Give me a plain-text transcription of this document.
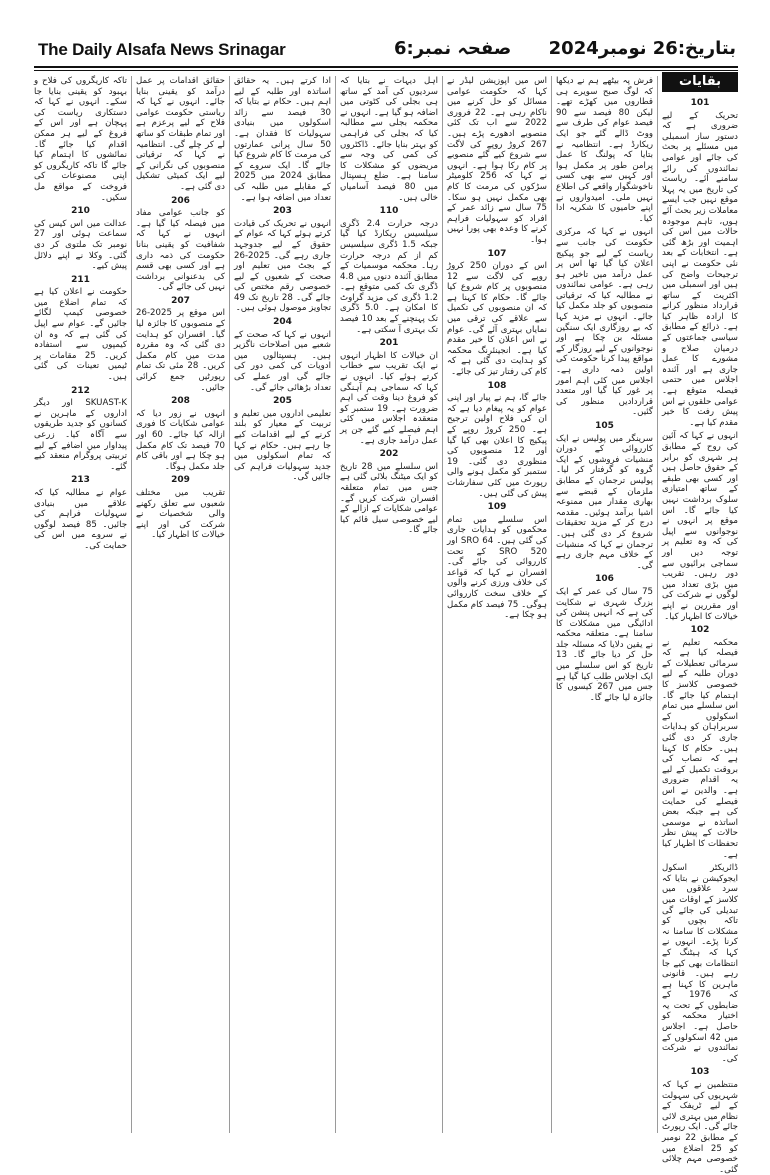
The Daily Alsafa News Srinagar	صفحہ نمبر:6 بتاریخ:26 نومبر2024
101

تحریک کے لیے ضروری ہے کہ دستور ساز اسمبلی میں مسئلے پر بحث کی جائے اور عوامی نمائندوں کی رائے سامنے آئے۔ ریاست کی تاریخ میں یہ پہلا موقع نہیں جب ایسے معاملات زیر بحث آئے ہوں، تاہم موجودہ حالات میں اس کی اہمیت اور بڑھ گئی ہے۔ انتخابات کے بعد نئی حکومت نے اپنی ترجیحات واضح کی ہیں اور اسمبلی میں اکثریت کے ساتھ قرارداد منظور کرانے کا ارادہ ظاہر کیا ہے۔ ذرائع کے مطابق سیاسی جماعتوں کے درمیان صلاح و مشورے کا عمل جاری ہے اور آئندہ اجلاس میں حتمی فیصلہ متوقع ہے۔ عوامی حلقوں نے اس پیش رفت کا خیر مقدم کیا ہے۔

انہوں نے کہا کہ آئین کی روح کے مطابق ہر شہری کو برابر کے حقوق حاصل ہیں اور کسی بھی طبقے کے ساتھ امتیازی سلوک برداشت نہیں کیا جائے گا۔ اس موقع پر انہوں نے نوجوانوں سے اپیل کی کہ وہ تعلیم پر توجہ دیں اور سماجی برائیوں سے دور رہیں۔ تقریب میں بڑی تعداد میں لوگوں نے شرکت کی اور مقررین نے اپنے خیالات کا اظہار کیا۔

102

محکمہ تعلیم نے فیصلہ کیا ہے کہ سرمائی تعطیلات کے دوران طلبہ کے لیے خصوصی کلاسز کا اہتمام کیا جائے گا۔ اس سلسلے میں تمام اسکولوں کے سربراہان کو ہدایات جاری کر دی گئی ہیں۔ حکام کا کہنا ہے کہ نصاب کی بروقت تکمیل کے لیے یہ اقدام ضروری ہے۔ والدین نے اس فیصلے کی حمایت کی ہے جبکہ بعض اساتذہ نے موسمی حالات کے پیش نظر تحفظات کا اظہار کیا ہے۔

ڈائریکٹر اسکول ایجوکیشن نے بتایا کہ سرد علاقوں میں کلاسز کے اوقات میں تبدیلی کی جائے گی تاکہ بچوں کو مشکلات کا سامنا نہ کرنا پڑے۔ انہوں نے کہا کہ ہیٹنگ کے انتظامات بھی کیے جا رہے ہیں۔ قانونی ماہرین کا کہنا ہے کہ 1976 کے ضابطوں کے تحت یہ اختیار محکمہ کو حاصل ہے۔ اجلاس میں 42 اسکولوں کے نمائندوں نے شرکت کی۔

103

منتظمین نے کہا کہ شہریوں کی سہولت کے لیے ٹریفک کے نظام میں بہتری لائی جائے گی۔ ایک رپورٹ کے مطابق 22 نومبر کو 25 اضلاع میں خصوصی مہم چلائی گئی۔

فرش پہ بیٹھے ہم نے دیکھا کہ لوگ صبح سویرے ہی قطاروں میں کھڑے تھے۔ لیکن 80 فیصد سے 90 فیصد عوام کی طرف سے ووٹ ڈالے گئے جو ایک ریکارڈ ہے۔ انتظامیہ نے بتایا کہ پولنگ کا عمل پرامن طور پر مکمل ہوا اور کہیں سے بھی کسی ناخوشگوار واقعے کی اطلاع نہیں ملی۔ امیدواروں نے اپنے حامیوں کا شکریہ ادا کیا۔

انہوں نے کہا کہ مرکزی حکومت کی جانب سے ریاست کے لیے جو پیکیج اعلان کیا گیا تھا اس پر عمل درآمد میں تاخیر ہو رہی ہے۔ عوامی نمائندوں نے مطالبہ کیا کہ ترقیاتی منصوبوں کو جلد مکمل کیا جائے۔ انہوں نے مزید کہا کہ بے روزگاری ایک سنگین مسئلہ بن چکا ہے اور نوجوانوں کے لیے روزگار کے مواقع پیدا کرنا حکومت کی اولین ذمہ داری ہے۔ اجلاس میں کئی اہم امور پر غور کیا گیا اور متعدد قراردادیں منظور کی گئیں۔

105

سرینگر میں پولیس نے ایک کارروائی کے دوران منشیات فروشوں کے ایک گروہ کو گرفتار کر لیا۔ پولیس ترجمان کے مطابق ملزمان کے قبضے سے بھاری مقدار میں ممنوعہ اشیا برآمد ہوئیں۔ مقدمہ درج کر کے مزید تحقیقات شروع کر دی گئی ہیں۔ ترجمان نے کہا کہ منشیات کے خلاف مہم جاری رہے گی۔

106

75 سال کی عمر کے ایک بزرگ شہری نے شکایت کی ہے کہ انہیں پنشن کی ادائیگی میں مشکلات کا سامنا ہے۔ متعلقہ محکمہ نے یقین دلایا کہ مسئلہ جلد حل کر دیا جائے گا۔ 13 تاریخ کو اس سلسلے میں ایک اجلاس طلب کیا گیا ہے جس میں 267 کیسوں کا جائزہ لیا جائے گا۔

اس میں اپوزیشن لیڈر نے کہا کہ حکومت عوامی مسائل کو حل کرنے میں ناکام رہی ہے۔ 22 فروری 2022 سے اب تک کئی منصوبے ادھورے پڑے ہیں۔ 267 کروڑ روپے کی لاگت سے شروع کیے گئے منصوبے پر کام رکا ہوا ہے۔ انہوں نے کہا کہ 256 کلومیٹر سڑکوں کی مرمت کا کام بھی مکمل نہیں ہو سکا۔ 75 سال سے زائد عمر کے افراد کو سہولیات فراہم کرنے کا وعدہ بھی پورا نہیں ہوا۔

107

اس کے دوران 250 کروڑ روپے کی لاگت سے 12 منصوبوں پر کام شروع کیا جائے گا۔ حکام کا کہنا ہے کہ ان منصوبوں کی تکمیل سے علاقے کی ترقی میں نمایاں بہتری آئے گی۔ عوام نے اس اعلان کا خیر مقدم کیا ہے۔ انجینئرنگ محکمہ کو ہدایت دی گئی ہے کہ کام کی رفتار تیز کی جائے۔

108

جائے گا، ہم نے پیار اور اپنی عوام کو یہ پیغام دیا ہے کہ ان کی فلاح اولین ترجیح ہے۔ 250 کروڑ روپے کے پیکیج کا اعلان بھی کیا گیا اور 12 منصوبوں کی منظوری دی گئی۔ 19 ستمبر کو مکمل ہونے والی رپورٹ میں کئی سفارشات پیش کی گئی ہیں۔

109

اس سلسلے میں تمام محکموں کو ہدایات جاری کی گئی ہیں۔ SRO 64 اور SRO 520 کے تحت کارروائی کی جائے گی۔ افسران نے کہا کہ قواعد کی خلاف ورزی کرنے والوں کے خلاف سخت کارروائی ہوگی۔ 75 فیصد کام مکمل ہو چکا ہے۔

اہل دیہات نے بتایا کہ سردیوں کی آمد کے ساتھ ہی بجلی کی کٹوتی میں اضافہ ہو گیا ہے۔ انہوں نے محکمہ بجلی سے مطالبہ کیا کہ بجلی کی فراہمی کو بہتر بنایا جائے۔ ڈاکٹروں کی کمی کی وجہ سے مریضوں کو مشکلات کا سامنا ہے۔ ضلع ہسپتال میں 80 فیصد آسامیاں خالی ہیں۔

110

درجہ حرارت 2.4 ڈگری سیلسیس ریکارڈ کیا گیا جبکہ 1.5 ڈگری سیلسیس کم از کم درجہ حرارت رہا۔ محکمہ موسمیات کے مطابق آئندہ دنوں میں 4.8 ڈگری تک کمی متوقع ہے۔ 1.2 ڈگری کی مزید گراوٹ کا امکان ہے۔ 5.0 ڈگری تک پہنچنے کے بعد 10 فیصد تک بہتری آ سکتی ہے۔

201

ان خیالات کا اظہار انہوں نے ایک تقریب سے خطاب کرتے ہوئے کیا۔ انہوں نے کہا کہ سماجی ہم آہنگی کو فروغ دینا وقت کی اہم ضرورت ہے۔ 19 ستمبر کو منعقدہ اجلاس میں کئی اہم فیصلے کیے گئے جن پر عمل درآمد جاری ہے۔

202

اس سلسلے میں 28 تاریخ کو ایک میٹنگ بلائی گئی ہے جس میں تمام متعلقہ افسران شرکت کریں گے۔ عوامی شکایات کے ازالے کے لیے خصوصی سیل قائم کیا جائے گا۔

ادا کرتے ہیں۔ یہ حقائق اساتذہ اور طلبہ کے لیے اہم ہیں۔ حکام نے بتایا کہ 30 فیصد سے زائد اسکولوں میں بنیادی سہولیات کا فقدان ہے۔ 50 سال پرانی عمارتوں کی مرمت کا کام شروع کیا جائے گا۔ ایک سروے کے مطابق 2024 میں 2025 کے مقابلے میں طلبہ کی تعداد میں اضافہ ہوا ہے۔

203

انہوں نے تحریک کی قیادت کرتے ہوئے کہا کہ عوام کے حقوق کے لیے جدوجہد جاری رہے گی۔ 2025-26 کے بجٹ میں تعلیم اور صحت کے شعبوں کے لیے خصوصی رقم مختص کی جائے گی۔ 28 تاریخ تک 49 تجاویز موصول ہوئی ہیں۔

204

انہوں نے کہا کہ صحت کے شعبے میں اصلاحات ناگزیر ہیں۔ ہسپتالوں میں ادویات کی کمی دور کی جائے گی اور عملے کی تعداد بڑھائی جائے گی۔

205

تعلیمی اداروں میں تعلیم و تربیت کے معیار کو بلند کرنے کے لیے اقدامات کیے جا رہے ہیں۔ حکام نے کہا کہ تمام اسکولوں میں جدید سہولیات فراہم کی جائیں گی۔

حقائق اقدامات پر عمل درآمد کو یقینی بنایا جائے۔ انہوں نے کہا کہ ریاستی حکومت عوامی فلاح کے لیے پرعزم ہے اور تمام طبقات کو ساتھ لے کر چلے گی۔ انتظامیہ نے کہا کہ ترقیاتی منصوبوں کی نگرانی کے لیے ایک کمیٹی تشکیل دی گئی ہے۔

206

کو جانب عوامی مفاد میں فیصلہ کیا گیا ہے۔ انہوں نے کہا کہ شفافیت کو یقینی بنانا حکومت کی ذمہ داری ہے اور کسی بھی قسم کی بدعنوانی برداشت نہیں کی جائے گی۔

207

اس موقع پر 2025-26 کے منصوبوں کا جائزہ لیا گیا۔ افسران کو ہدایت دی گئی کہ وہ مقررہ مدت میں کام مکمل کریں۔ 28 مئی تک تمام رپورٹیں جمع کرائی جائیں۔

208

انہوں نے زور دیا کہ عوامی شکایات کا فوری ازالہ کیا جائے۔ 60 اور 70 فیصد تک کام مکمل ہو چکا ہے اور باقی کام جلد مکمل ہوگا۔

209

تقریب میں مختلف شعبوں سے تعلق رکھنے والی شخصیات نے شرکت کی اور اپنے خیالات کا اظہار کیا۔

تاکہ کاریگروں کی فلاح و بہبود کو یقینی بنایا جا سکے۔ انہوں نے کہا کہ دستکاری ریاست کی پہچان ہے اور اس کے فروغ کے لیے ہر ممکن اقدام کیا جائے گا۔ نمائشوں کا اہتمام کیا جائے گا تاکہ کاریگروں کو اپنی مصنوعات کی فروخت کے مواقع مل سکیں۔

210

عدالت میں اس کیس کی سماعت ہوئی اور 27 نومبر تک ملتوی کر دی گئی۔ وکلا نے اپنے دلائل پیش کیے۔

211

حکومت نے اعلان کیا ہے کہ تمام اضلاع میں خصوصی کیمپ لگائے جائیں گے۔ عوام سے اپیل کی گئی ہے کہ وہ ان کیمپوں سے استفادہ کریں۔ 25 مقامات پر ٹیمیں تعینات کی گئی ہیں۔

212

SKUAST-K اور دیگر اداروں کے ماہرین نے کسانوں کو جدید طریقوں سے آگاہ کیا۔ زرعی پیداوار میں اضافے کے لیے تربیتی پروگرام منعقد کیے گئے۔

213

عوام نے مطالبہ کیا کہ علاقے میں بنیادی سہولیات فراہم کی جائیں۔ 85 فیصد لوگوں نے سروے میں اس کی حمایت کی۔

بقایات
